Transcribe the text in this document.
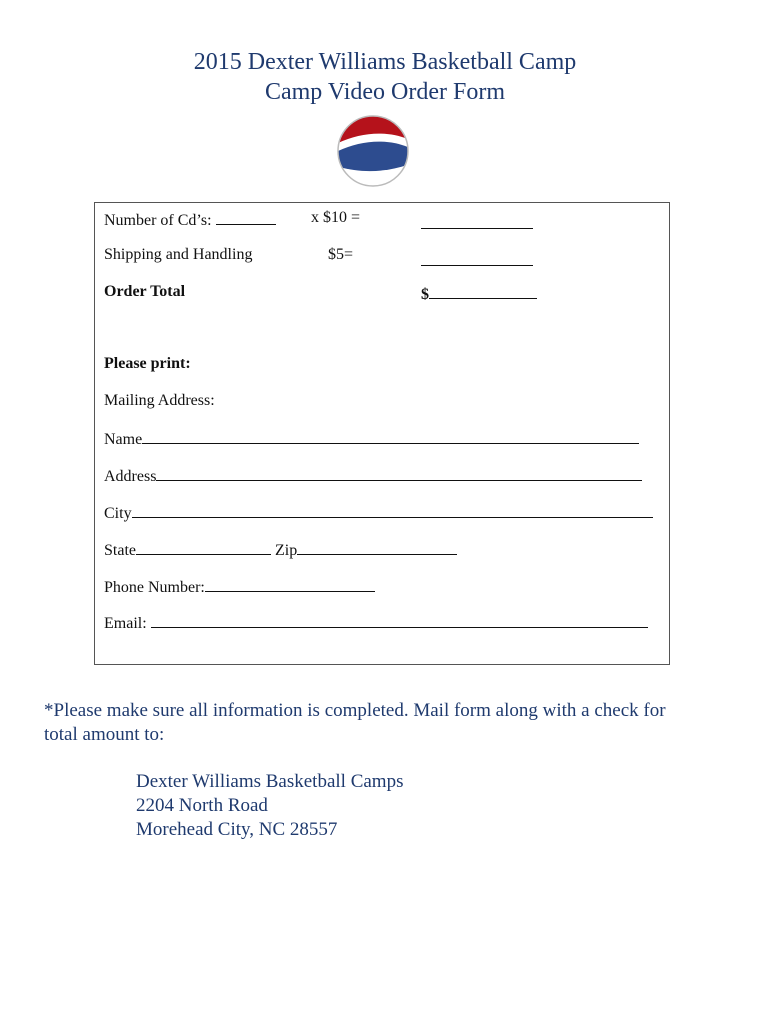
2015 Dexter Williams Basketball Camp
Camp Video Order Form
Number of Cd’s:	x $10 =
Shipping and Handling	$5=
Order Total	$
Please print:
Mailing Address:
Name
Address
City
State	Zip
Phone Number:
Email:
*Please make sure all information is completed. Mail form along with a check for total amount to:
Dexter Williams Basketball Camps
2204 North Road
Morehead City, NC 28557
